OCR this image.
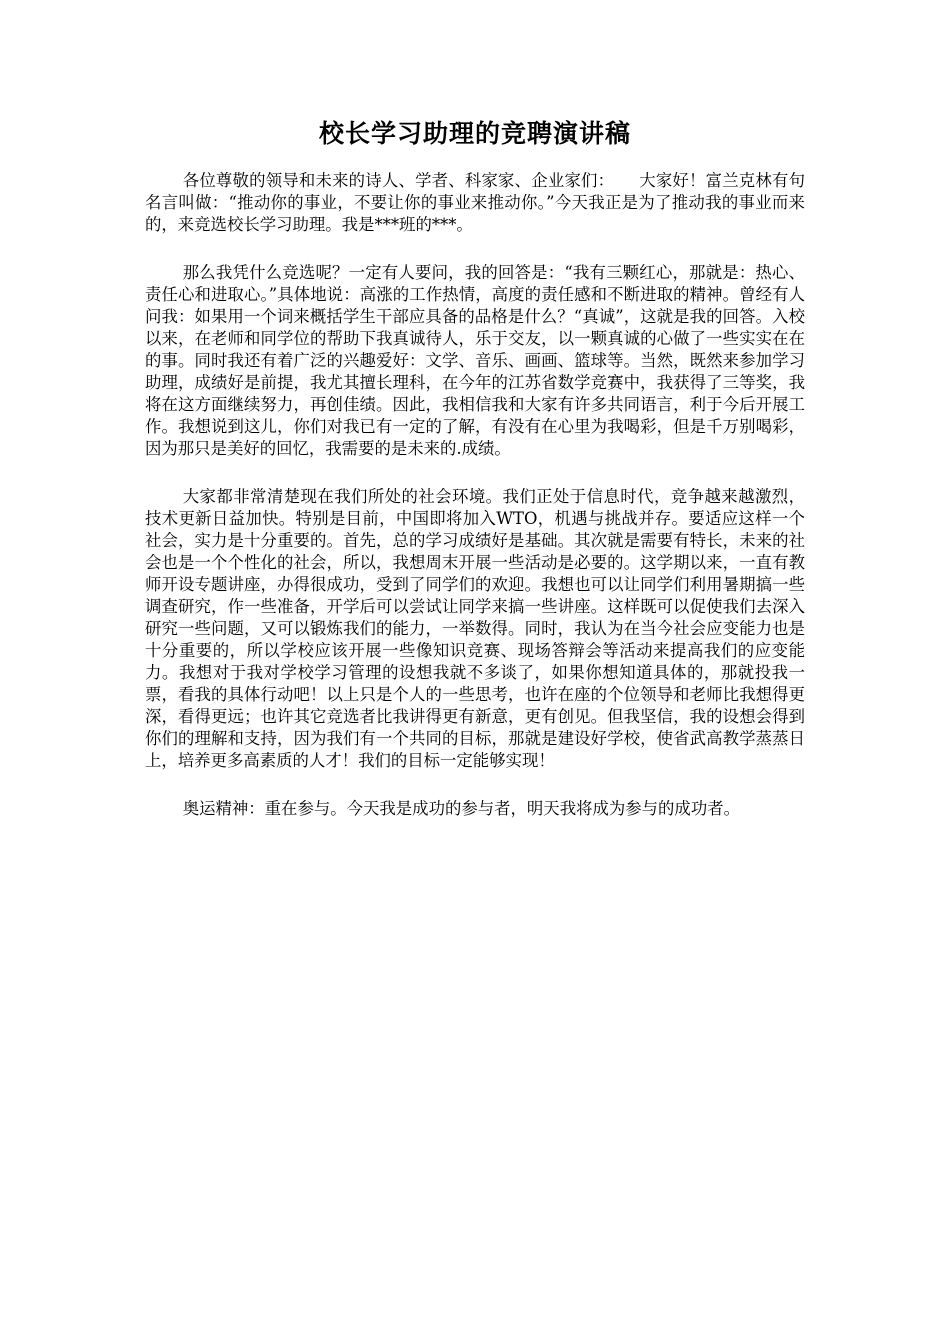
校长学习助理的竞聘演讲稿

各位尊敬的领导和未来的诗人、学者、科家家、企业家们：　　大家好！富兰克林有句名言叫做：“推动你的事业，不要让你的事业来推动你。”今天我正是为了推动我的事业而来的，来竞选校长学习助理。我是***班的***。

那么我凭什么竞选呢？一定有人要问，我的回答是：“我有三颗红心，那就是：热心、责任心和进取心。”具体地说：高涨的工作热情，高度的责任感和不断进取的精神。曾经有人问我：如果用一个词来概括学生干部应具备的品格是什么？“真诚”，这就是我的回答。入校以来，在老师和同学位的帮助下我真诚待人，乐于交友，以一颗真诚的心做了一些实实在在的事。同时我还有着广泛的兴趣爱好：文学、音乐、画画、篮球等。当然，既然来参加学习助理，成绩好是前提，我尤其擅长理科，在今年的江苏省数学竞赛中，我获得了三等奖，我将在这方面继续努力，再创佳绩。因此，我相信我和大家有许多共同语言，利于今后开展工作。我想说到这儿，你们对我已有一定的了解，有没有在心里为我喝彩，但是千万别喝彩，因为那只是美好的回忆，我需要的是未来的.成绩。

大家都非常清楚现在我们所处的社会环境。我们正处于信息时代，竞争越来越激烈，技术更新日益加快。特别是目前，中国即将加入WTO，机遇与挑战并存。要适应这样一个社会，实力是十分重要的。首先，总的学习成绩好是基础。其次就是需要有特长，未来的社会也是一个个性化的社会，所以，我想周末开展一些活动是必要的。这学期以来，一直有教师开设专题讲座，办得很成功，受到了同学们的欢迎。我想也可以让同学们利用暑期搞一些调查研究，作一些准备，开学后可以尝试让同学来搞一些讲座。这样既可以促使我们去深入研究一些问题，又可以锻炼我们的能力，一举数得。同时，我认为在当今社会应变能力也是十分重要的，所以学校应该开展一些像知识竞赛、现场答辩会等活动来提高我们的应变能力。我想对于我对学校学习管理的设想我就不多谈了，如果你想知道具体的，那就投我一票，看我的具体行动吧！以上只是个人的一些思考，也许在座的个位领导和老师比我想得更深，看得更远；也许其它竞选者比我讲得更有新意，更有创见。但我坚信，我的设想会得到你们的理解和支持，因为我们有一个共同的目标，那就是建设好学校，使省武高教学蒸蒸日上，培养更多高素质的人才！我们的目标一定能够实现！

奥运精神：重在参与。今天我是成功的参与者，明天我将成为参与的成功者。
